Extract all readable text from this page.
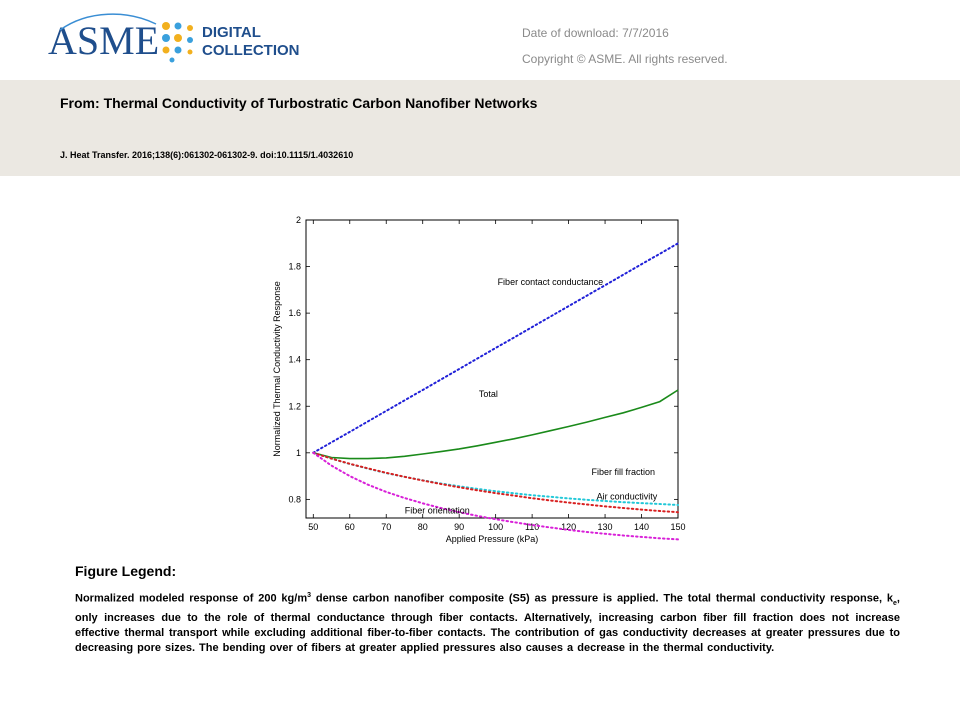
ASME	DIGITAL
COLLECTION
Date of download: 7/7/2016
Copyright © ASME. All rights reserved.
From: Thermal Conductivity of Turbostratic Carbon Nanofiber Networks
J. Heat Transfer. 2016;138(6):061302-061302-9. doi:10.1115/1.4032610
50	60	70	80	90	100 110 120 130 140 150
0.8
1
1.2
1.4
1.6
1.8
2
Applied Pressure (kPa)
Normalized Thermal Conductivity Response	Fiber contact conductance
Total
Fiber fill fraction
Air conductivity
Fiber orientation
Figure Legend:
Normalized modeled response of 200 $kg/m^3$ dense carbon nanofiber composite (S5) as pressure is applied. The total thermal conductivity response, $k_e$, only increases due to the role of thermal conductance through fiber contacts. Alternatively, increasing carbon fiber fill fraction does not increase effective thermal transport while excluding additional fiber-to-fiber contacts. The contribution of gas conductivity decreases at greater pressures due to decreasing pore sizes. The bending over of fibers at greater applied pressures also causes a decrease in the thermal conductivity.
